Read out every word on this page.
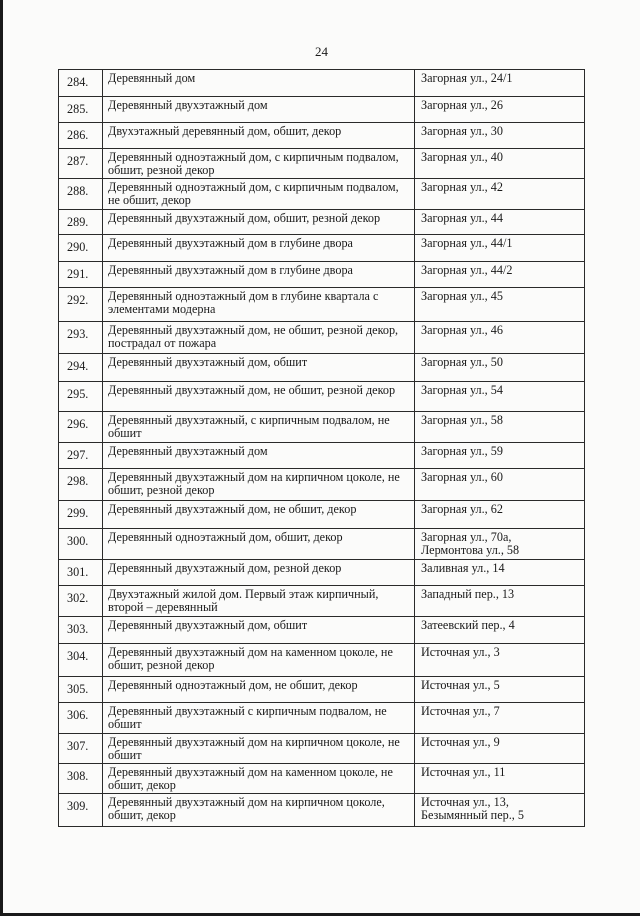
24
284.	Деревянный дом	Загорная ул., 24/1

285.	Деревянный двухэтажный дом	Загорная ул., 26

286.	Двухэтажный деревянный дом, обшит, декор	Загорная ул., 30

287.	Деревянный одноэтажный дом, с кирпичным подвалом, обшит, резной декор	Загорная ул., 40

288.	Деревянный одноэтажный дом, с кирпичным подвалом, не обшит, декор	Загорная ул., 42

289.	Деревянный двухэтажный дом, обшит, резной декор	Загорная ул., 44

290.	Деревянный двухэтажный дом в глубине двора	Загорная ул., 44/1

291.	Деревянный двухэтажный дом в глубине двора	Загорная ул., 44/2

292.	Деревянный одноэтажный дом в глубине квартала с элементами модерна	Загорная ул., 45

293.	Деревянный двухэтажный дом, не обшит, резной декор, пострадал от пожара	Загорная ул., 46

294.	Деревянный двухэтажный дом, обшит	Загорная ул., 50

295.	Деревянный двухэтажный дом, не обшит, резной декор	Загорная ул., 54

296.	Деревянный двухэтажный, с кирпичным подвалом, не обшит	Загорная ул., 58

297.	Деревянный двухэтажный дом	Загорная ул., 59

298.	Деревянный двухэтажный дом на кирпичном цоколе, не обшит, резной декор	Загорная ул., 60

299.	Деревянный двухэтажный дом, не обшит, декор	Загорная ул., 62

300.	Деревянный одноэтажный дом, обшит, декор	Загорная ул., 70а,
Лермонтова ул., 58

301.	Деревянный двухэтажный дом, резной декор	Заливная ул., 14

302.	Двухэтажный жилой дом. Первый этаж кирпичный, второй – деревянный	Западный пер., 13

303.	Деревянный двухэтажный дом, обшит	Затеевский пер., 4

304.	Деревянный двухэтажный дом на каменном цоколе, не обшит, резной декор	Источная ул., 3

305.	Деревянный одноэтажный дом, не обшит, декор	Источная ул., 5

306.	Деревянный двухэтажный с кирпичным подвалом, не обшит	Источная ул., 7

307.	Деревянный двухэтажный дом на кирпичном цоколе, не обшит	Источная ул., 9

308.	Деревянный двухэтажный дом на каменном цоколе, не обшит, декор	Источная ул., 11

309.	Деревянный двухэтажный дом на кирпичном цоколе, обшит, декор	Источная ул., 13,
Безымянный пер., 5
